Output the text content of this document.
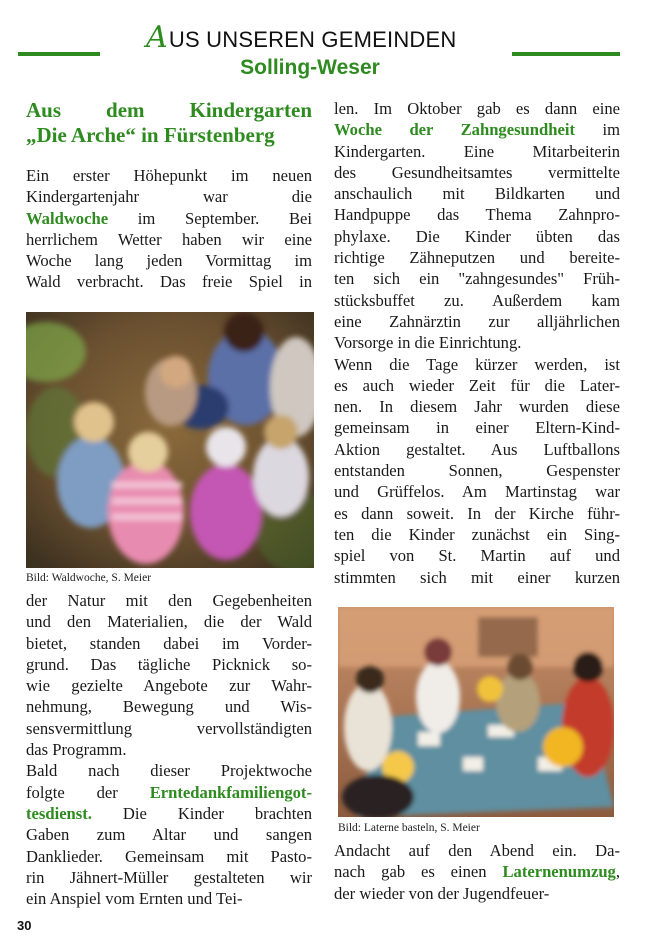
AUS UNSEREN GEMEINDEN
Solling-Weser
Aus dem Kindergarten
„Die Arche“ in Fürstenberg

Ein erster Höhepunkt im neuen

Kindergartenjahr war die

Waldwoche im September. Bei

herrlichem Wetter haben wir eine

Woche lang jeden Vormittag im

Wald verbracht. Das freie Spiel in

Bild: Waldwoche, S. Meier

der Natur mit den Gegebenheiten

und den Materialien, die der Wald

bietet, standen dabei im Vorder-

grund. Das tägliche Picknick so-

wie gezielte Angebote zur Wahr-

nehmung, Bewegung und Wis-

sensvermittlung vervollständigten

das Programm.

Bald nach dieser Projektwoche

folgte der Erntedankfamiliengot-

tesdienst. Die Kinder brachten

Gaben zum Altar und sangen

Danklieder. Gemeinsam mit Pasto-

rin Jähnert-Müller gestalteten wir

ein Anspiel vom Ernten und Tei-

len. Im Oktober gab es dann eine

Woche der Zahngesundheit im

Kindergarten. Eine Mitarbeiterin

des Gesundheitsamtes vermittelte

anschaulich mit Bildkarten und

Handpuppe das Thema Zahnpro-

phylaxe. Die Kinder übten das

richtige Zähneputzen und bereite-

ten sich ein "zahngesundes" Früh-

stücksbuffet zu. Außerdem kam

eine Zahnärztin zur alljährlichen

Vorsorge in die Einrichtung.

Wenn die Tage kürzer werden, ist

es auch wieder Zeit für die Later-

nen. In diesem Jahr wurden diese

gemeinsam in einer Eltern-Kind-

Aktion gestaltet. Aus Luftballons

entstanden Sonnen, Gespenster

und Grüffelos. Am Martinstag war

es dann soweit. In der Kirche führ-

ten die Kinder zunächst ein Sing-

spiel von St. Martin auf und

stimmten sich mit einer kurzen

Bild: Laterne basteln, S. Meier

Andacht auf den Abend ein. Da-

nach gab es einen Laternenumzug,

der wieder von der Jugendfeuer-

30
